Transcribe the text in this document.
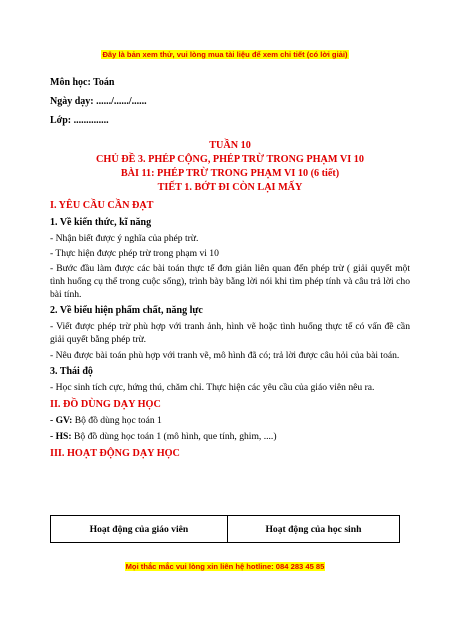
Đây là bản xem thử, vui lòng mua tài liệu để xem chi tiết (có lời giải)
Môn học: Toán
Ngày dạy: ....../....../......
Lớp: ..............
TUẦN 10
CHỦ ĐỀ 3. PHÉP CỘNG, PHÉP TRỪ TRONG PHẠM VI 10
BÀI 11: PHÉP TRỪ TRONG PHẠM VI 10 (6 tiết)
TIẾT 1. BỚT ĐI CÒN LẠI MẤY
I. YÊU CẦU CẦN ĐẠT
1. Về kiến thức, kĩ năng

- Nhận biết được ý nghĩa của phép trừ.

- Thực hiện được phép trừ trong phạm vi 10

- Bước đầu làm được các bài toán thực tế đơn giản liên quan đến phép trừ ( giải quyết một tình huống cụ thể trong cuộc sống), trình bày bằng lời nói khi tìm phép tính và câu trả lời cho bài tính.

2. Về biểu hiện phẩm chất, năng lực

- Viết được phép trừ phù hợp với tranh ảnh, hình vẽ hoặc tình huống thực tế có vấn đề cần giải quyết bằng phép trừ.

- Nêu được bài toán phù hợp với tranh vẽ, mô hình đã có; trả lời được câu hỏi của bài toán.

3. Thái độ

- Học sinh tích cực, hứng thú, chăm chỉ. Thực hiện các yêu cầu của giáo viên nêu ra.

II. ĐỒ DÙNG DẠY HỌC

- GV: Bộ đồ dùng học toán 1

- HS: Bộ đồ dùng học toán 1 (mô hình, que tính, ghim, ....)

III. HOẠT ĐỘNG DẠY HỌC
Hoạt động của giáo viên	Hoạt động của học sinh
Mọi thắc mắc vui lòng xin liên hệ hotline: 084 283 45 85
